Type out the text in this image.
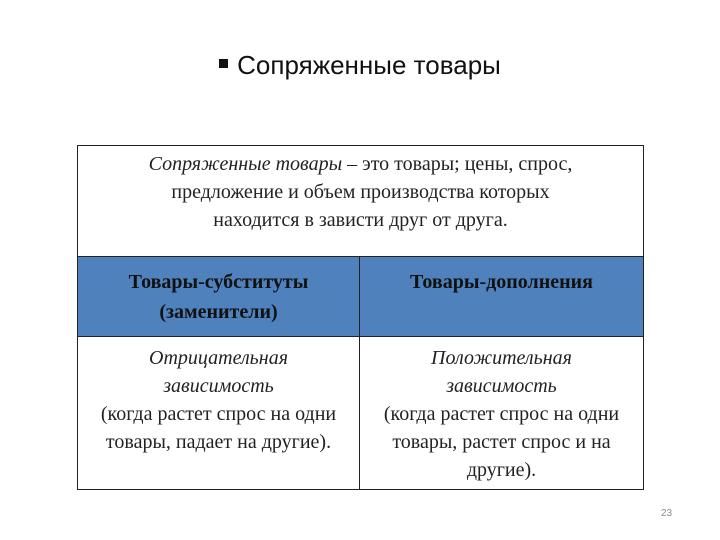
Сопряженные товары
Сопряженные товары – это товары; цены, спрос,
предложение и объем производства которых
находится в зависти друг от друга.
Товары-субституты (заменители)
Товары-дополнения
Отрицательная
зависимость
(когда растет спрос на одни товары, падает на другие).
Положительная
зависимость
(когда растет спрос на одни товары, растет спрос и на другие).
23
